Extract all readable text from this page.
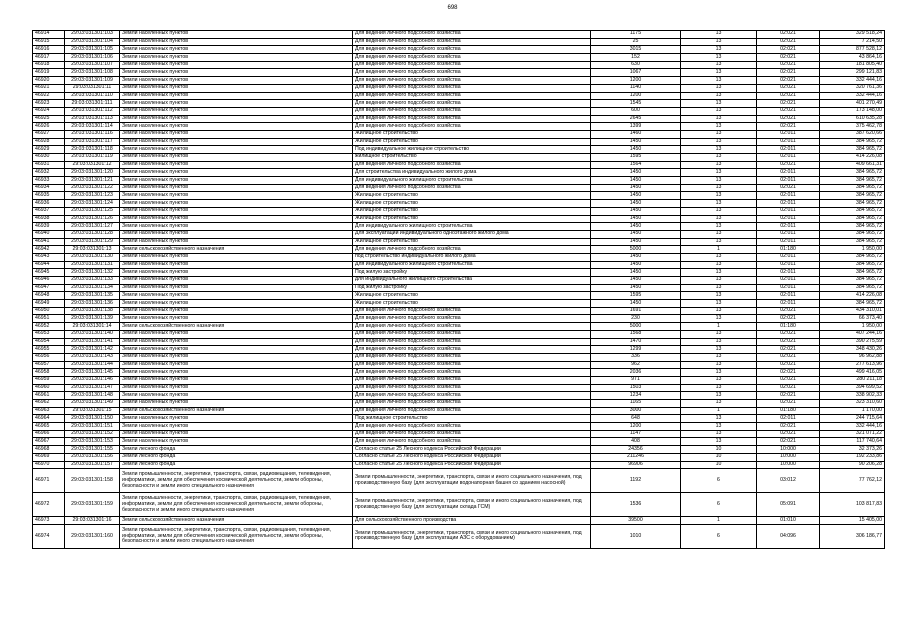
698
46914	29:03:031301:103	Земли населенных пунктов	Для ведения личного подсобного хозяйства	1175	13	02:021	329 518,24
46915	29:03:031301:104	Земли населенных пунктов	Для ведения личного подсобного хозяйства	25	13	02:021	7 214,50
46916	29:03:031301:105	Земли населенных пунктов	Для ведения личного подсобного хозяйства	3015	13	02:021	877 528,12
46917	29:03:031301:106	Земли населенных пунктов	Для ведения личного подсобного хозяйства	152	13	02:021	43 864,16
46918	29:03:031301:107	Земли населенных пунктов	Для ведения личного подсобного хозяйства	630	13	02:021	181 805,40
46919	29:03:031301:108	Земли населенных пунктов	Для ведения личного подсобного хозяйства	1067	13	02:021	299 121,83
46920	29:03:031301:109	Земли населенных пунктов	Для ведения личного подсобного хозяйства	1200	13	02:021	332 444,16
46921	29:03:031301:11	Земли населенных пунктов	Для ведения личного подсобного хозяйства	1140	13	02:021	320 761,36
46922	29:03:031301:110	Земли населенных пунктов	Для ведения личного подсобного хозяйства	1200	13	02:021	332 444,16
46923	29:03:031301:111	Земли населенных пунктов	Для ведения личного подсобного хозяйства	1545	13	02:021	401 270,49
46924	29:03:031301:112	Земли населенных пунктов	Для ведения личного подсобного хозяйства	600	13	02:021	173 148,00
46925	29:03:031301:113	Земли населенных пунктов	Для ведения личного подсобного хозяйства	2645	13	02:021	610 635,28
46926	29:03:031301:114	Земли населенных пунктов	Для ведения личного подсобного хозяйства	1399	13	02:021	375 462,78
46927	29:03:031301:116	Земли населенных пунктов	Жилищное строительство	1460	13	02:011	387 620,66
46928	29:03:031301:117	Земли населенных пунктов	Жилищное строительство	1450	13	02:011	384 965,72
46929	29:03:031301:118	Земли населенных пунктов	Под индивидуальное жилищное строительство	1450	13	02:011	384 965,72
46930	29:03:031301:119	Земли населенных пунктов	жилищное строительство	1595	13	02:011	414 226,08
46931	29:03:031301:12	Земли населенных пунктов	Для ведения личного подсобного хозяйства	1564	13	02:021	409 661,31
46932	29:03:031301:120	Земли населенных пунктов	Для строительства индивидуального жилого дома	1450	13	02:011	384 965,72
46933	29:03:031301:121	Земли населенных пунктов	Для индивидуального жилищного строительства	1450	13	02:011	384 965,72
46934	29:03:031301:122	Земли населенных пунктов	Для ведения личного подсобного хозяйства	1450	13	02:021	384 965,72
46935	29:03:031301:123	Земли населенных пунктов	Жилищное строительство	1450	13	02:011	384 965,72
46936	29:03:031301:124	Земли населенных пунктов	Жилищное строительство	1450	13	02:011	384 965,72
46937	29:03:031301:125	Земли населенных пунктов	Жилищное строительство	1450	13	02:011	384 965,72
46938	29:03:031301:126	Земли населенных пунктов	Жилищное строительство	1450	13	02:011	384 965,72
46939	29:03:031301:127	Земли населенных пунктов	Для индивидуального жилищного строительства	1450	13	02:011	384 965,72
46940	29:03:031301:128	Земли населенных пунктов	Для эксплуатации индивидуального одноэтажного жилого дома	1450	13	02:011	384 965,72
46941	29:03:031301:129	Земли населенных пунктов	Жилищное строительство	1450	13	02:011	384 965,72
46942	29:03:031301:13	Земли сельскохозяйственного назначения	Для ведения личного подсобного хозяйства	5000	1	01:180	1 950,00
46943	29:03:031301:130	Земли населенных пунктов	под строительство индивидуального жилого дома	1450	13	02:011	384 965,72
46944	29:03:031301:131	Земли населенных пунктов	Для индивидуального жилищного строительства	1450	13	02:011	384 965,72
46945	29:03:031301:132	Земли населенных пунктов	Под жилую застройку	1450	13	02:011	384 965,72
46946	29:03:031301:133	Земли населенных пунктов	для индивидуального жилищного строительства	1450	13	02:011	384 965,72
46947	29:03:031301:134	Земли населенных пунктов	Под жилую застройку	1450	13	02:011	384 965,72
46948	29:03:031301:135	Земли населенных пунктов	Жилищное строительство	1595	13	02:011	414 226,08
46949	29:03:031301:136	Земли населенных пунктов	Жилищное строительство	1450	13	02:011	384 965,72
46950	29:03:031301:138	Земли населенных пунктов	Для ведения личного подсобного хозяйства	1691	13	02:021	434 310,01
46951	29:03:031301:139	Земли населенных пунктов	Для ведения личного подсобного хозяйства	230	13	02:021	66 373,40
46952	29:03:031301:14	Земли сельскохозяйственного назначения	Для ведения личного подсобного хозяйства	5000	1	01:180	1 950,00
46953	29:03:031301:140	Земли населенных пунктов	Для ведения личного подсобного хозяйства	1568	13	02:021	407 244,16
46954	29:03:031301:141	Земли населенных пунктов	Для ведения личного подсобного хозяйства	1470	13	02:021	390 275,59
46955	29:03:031301:142	Земли населенных пунктов	Для ведения личного подсобного хозяйства	1299	13	02:021	348 430,26
46956	29:03:031301:143	Земли населенных пунктов	Для ведения личного подсобного хозяйства	336	13	02:021	96 962,88
46957	29:03:031301:144	Земли населенных пунктов	Для ведения личного подсобного хозяйства	962	13	02:021	277 613,96
46958	29:03:031301:145	Земли населенных пунктов	Для ведения личного подсобного хозяйства	2036	13	02:021	499 416,05
46959	29:03:031301:146	Земли населенных пунктов	Для ведения личного подсобного хозяйства	971	13	02:021	280 211,18
46960	29:03:031301:147	Земли населенных пунктов	Для ведения личного подсобного хозяйства	1503	13	02:021	394 699,52
46961	29:03:031301:148	Земли населенных пунктов	Для ведения личного подсобного хозяйства	1234	13	02:021	338 902,33
46962	29:03:031301:149	Земли населенных пунктов	Для ведения личного подсобного хозяйства	1165	13	02:021	323 310,60
46963	29:03:031301:15	Земли сельскохозяйственного назначения	Для ведения личного подсобного хозяйства	3000	1	01:180	1 170,00
46964	29:03:031301:150	Земли населенных пунктов	Под жилищное строительство	648	13	02:011	244 715,64
46965	29:03:031301:151	Земли населенных пунктов	Для ведения личного подсобного хозяйства	1200	13	02:021	332 444,16
46966	29:03:031301:152	Земли населенных пунктов	Для ведения личного подсобного хозяйства	1147	13	02:021	321 071,22
46967	29:03:031301:153	Земли населенных пунктов	Для ведения личного подсобного хозяйства	408	13	02:021	117 740,64
46968	29:03:031301:155	Земли лесного фонда	Согласно статье 25 Лесного кодекса Российской Федерации	24356	10	10:000	32 373,26
46969	29:03:031301:156	Земли лесного фонда	Согласно статье 25 Лесного кодекса Российской Федерации	211246	10	10:000	192 233,86
46970	29:03:031301:157	Земли лесного фонда	Согласно статье 25 Лесного кодекса Российской Федерации	96906	10	10:000	90 206,28
46971	29:03:031301:158	Земли промышленности, энергетики, транспорта, связи, радиовещания, телевидения, информатики, земли для обеспечения космической деятельности, земли обороны, безопасности и земли иного специального назначения	Земли промышленности, энергетики, транспорта, связи и иного социального назначения, под производственную базу (для эксплуатации водонапорная башня со зданием насосной)	1192	6	03:012	77 762,12
46972	29:03:031301:159	Земли промышленности, энергетики, транспорта, связи, радиовещания, телевидения, информатики, земли для обеспечения космической деятельности, земли обороны, безопасности и земли иного специального назначения	Земли промышленности, энергетики, транспорта, связи и иного социального назначения, под производственную базу (для эксплуатации склада ГСМ)	1536	6	05:091	103 817,83
46973	29:03:031301:16	Земли сельскохозяйственного назначения	Для сельскохозяйственного производства	39500	1	01:010	15 405,00
46974	29:03:031301:160	Земли промышленности, энергетики, транспорта, связи, радиовещания, телевидения, информатики, земли для обеспечения космической деятельности, земли обороны, безопасности и земли иного специального назначения	Земли промышленности, энергетики, транспорта, связи и иного социального назначения, под производственную базу (для эксплуатации АЗС с оборудованием)	1010	6	04:096	306 186,77
